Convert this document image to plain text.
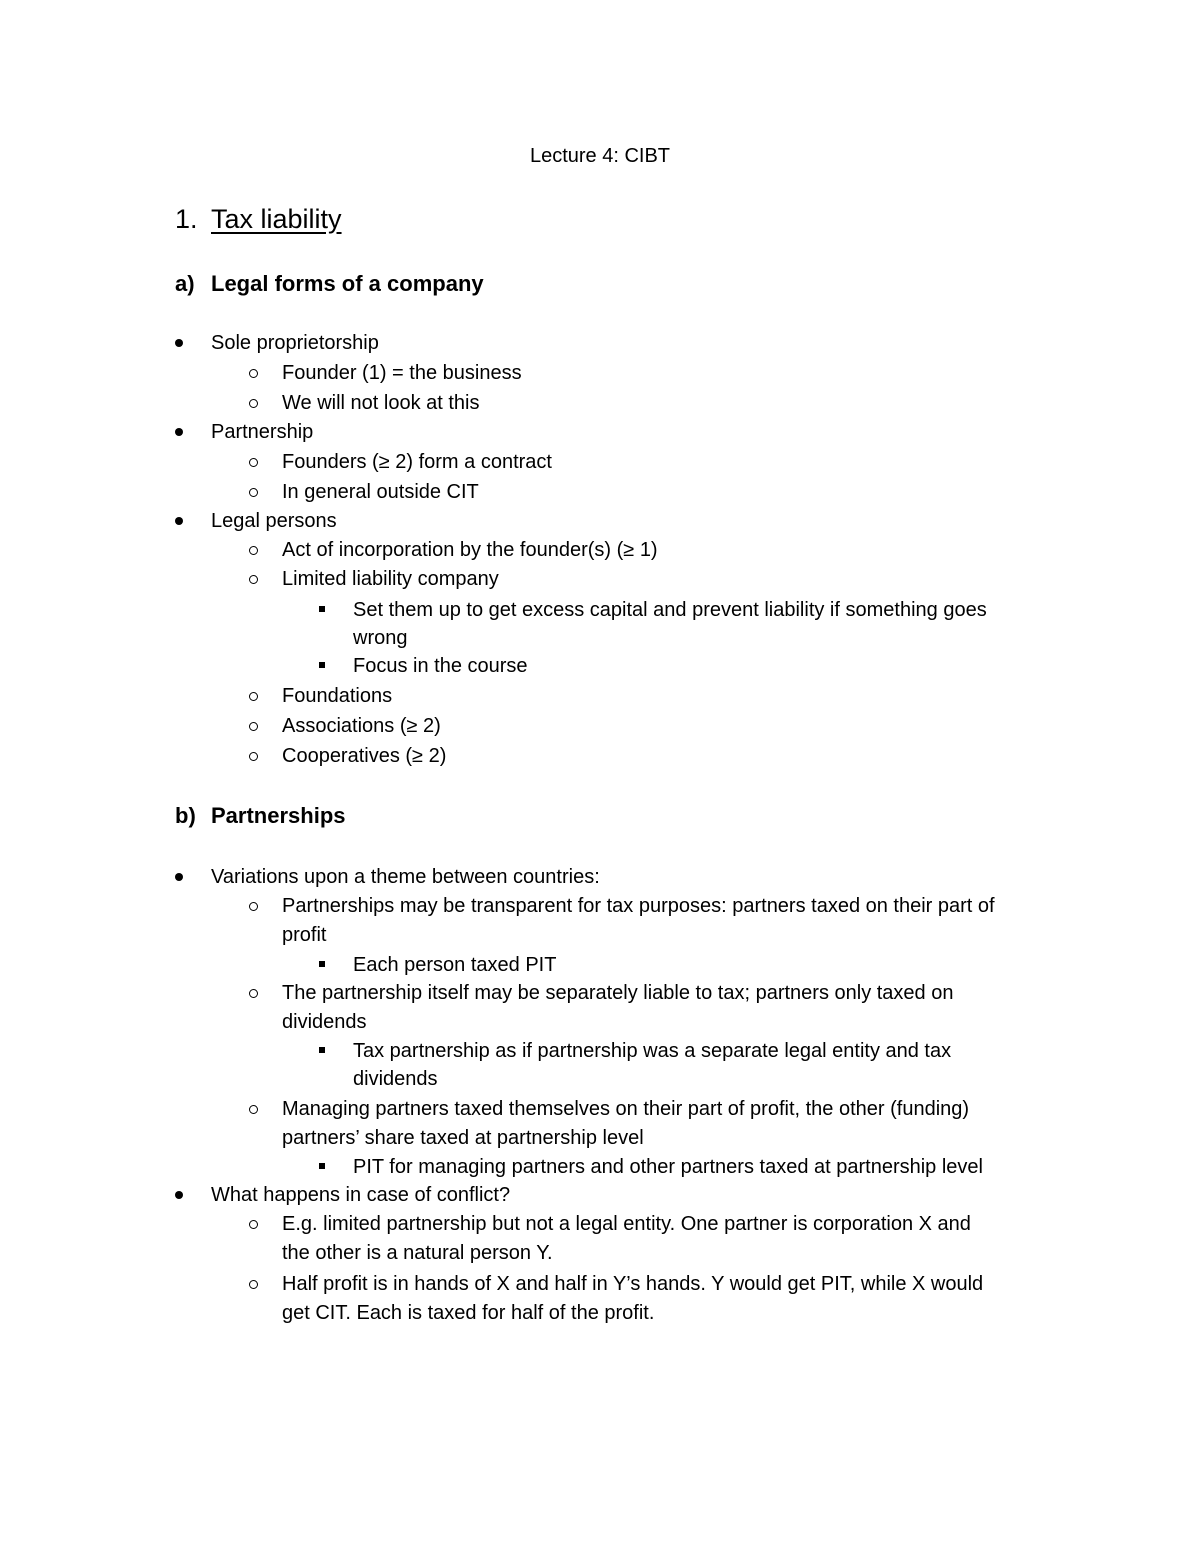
Lecture 4: CIBT
1. Tax liability
a) Legal forms of a company
Sole proprietorship
Founder (1) = the business
We will not look at this
Partnership
Founders (≥ 2) form a contract
In general outside CIT
Legal persons
Act of incorporation by the founder(s) (≥ 1)
Limited liability company
Set them up to get excess capital and prevent liability if something goes
wrong
Focus in the course
Foundations
Associations (≥ 2)
Cooperatives (≥ 2)
b) Partnerships
Variations upon a theme between countries:
Partnerships may be transparent for tax purposes: partners taxed on their part of
profit
Each person taxed PIT
The partnership itself may be separately liable to tax; partners only taxed on
dividends
Tax partnership as if partnership was a separate legal entity and tax
dividends
Managing partners taxed themselves on their part of profit, the other (funding)
partners’ share taxed at partnership level
PIT for managing partners and other partners taxed at partnership level
What happens in case of conflict?
E.g. limited partnership but not a legal entity. One partner is corporation X and
the other is a natural person Y.
Half profit is in hands of X and half in Y’s hands. Y would get PIT, while X would
get CIT. Each is taxed for half of the profit.
